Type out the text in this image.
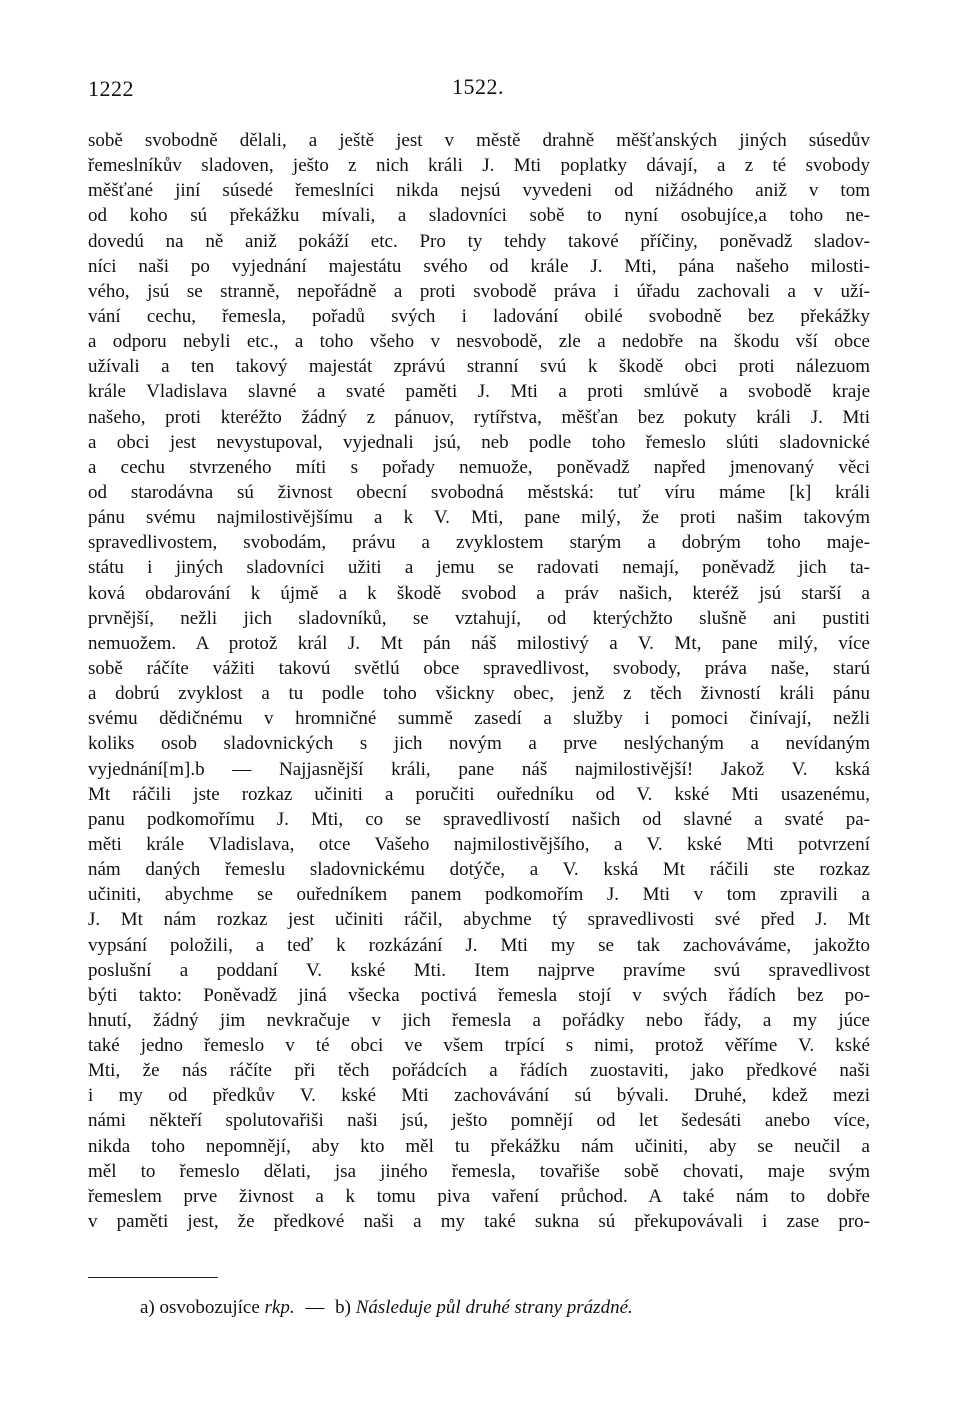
1222	1522.
sobě svobodně dělali, a ještě jest v městě drahně měšťanských jiných súsedův
řemeslníkův sladoven, ješto z nich králi J. Mti poplatky dávají, a z té svobody
měšťané jiní súsedé řemeslníci nikda nejsú vyvedeni od nižádného aniž v tom
od koho sú překážku mívali, a sladovníci sobě to nyní osobujíce,a toho ne-
dovedú na ně aniž pokáží etc. Pro ty tehdy takové příčiny, poněvadž sladov-
níci naši po vyjednání majestátu svého od krále J. Mti, pána našeho milosti-
vého, jsú se stranně, nepořádně a proti svobodě práva i úřadu zachovali a v uží-
vání cechu, řemesla, pořadů svých i ladování obilé svobodně bez překážky
a odporu nebyli etc., a toho všeho v nesvobodě, zle a nedobře na škodu vší obce
užívali a ten takový majestát zprávú stranní svú k škodě obci proti nálezuom
krále Vladislava slavné a svaté paměti J. Mti a proti smlúvě a svobodě kraje
našeho, proti kteréžto žádný z pánuov, rytířstva, měšťan bez pokuty králi J. Mti
a obci jest nevystupoval, vyjednali jsú, neb podle toho řemeslo slúti sladovnické
a cechu stvrzeného míti s pořady nemuože, poněvadž napřed jmenovaný věci
od starodávna sú živnost obecní svobodná městská: tuť víru máme [k] králi
pánu svému najmilostivějšímu a k V. Mti, pane milý, že proti našim takovým
spravedlivostem, svobodám, právu a zvyklostem starým a dobrým toho maje-
státu i jiných sladovníci užiti a jemu se radovati nemají, poněvadž jich ta-
ková obdarování k újmě a k škodě svobod a práv našich, kteréž jsú starší a
prvnější, nežli jich sladovníků, se vztahují, od kterýchžto slušně ani pustiti
nemuožem. A protož král J. Mt pán náš milostivý a V. Mt, pane milý, více
sobě ráčíte vážiti takovú světlú obce spravedlivost, svobody, práva naše, starú
a dobrú zvyklost a tu podle toho všickny obec, jenž z těch živností králi pánu
svému dědičnému v hromničné summě zasedí a služby i pomoci činívají, nežli
koliks osob sladovnických s jich novým a prve neslýchaným a nevídaným
vyjednání[m].b — Najjasnější králi, pane náš najmilostivější! Jakož V. kská
Mt ráčili jste rozkaz učiniti a poručiti ouředníku od V. kské Mti usazenému,
panu podkomořímu J. Mti, co se spravedlivostí našich od slavné a svaté pa-
měti krále Vladislava, otce Vašeho najmilostivějšího, a V. kské Mti potvrzení
nám daných řemeslu sladovnickému dotýče, a V. kská Mt ráčili ste rozkaz
učiniti, abychme se ouředníkem panem podkomořím J. Mti v tom zpravili a
J. Mt nám rozkaz jest učiniti ráčil, abychme tý spravedlivosti své před J. Mt
vypsání položili, a teď k rozkázání J. Mti my se tak zachováváme, jakožto
poslušní a poddaní V. kské Mti. Item najprve pravíme svú spravedlivost
býti takto: Poněvadž jiná všecka poctivá řemesla stojí v svých řádích bez po-
hnutí, žádný jim nevkračuje v jich řemesla a pořádky nebo řády, a my júce
také jedno řemeslo v té obci ve všem trpící s nimi, protož věříme V. kské
Mti, že nás ráčíte při těch pořádcích a řádích zuostaviti, jako předkové naši
i my od předkův V. kské Mti zachovávání sú bývali. Druhé, kdež mezi
námi někteří spolutovařiši naši jsú, ješto pomnějí od let šedesáti anebo více,
nikda toho nepomnějí, aby kto měl tu překážku nám učiniti, aby se neučil a
měl to řemeslo dělati, jsa jiného řemesla, tovařiše sobě chovati, maje svým
řemeslem prve živnost a k tomu piva vaření průchod. A také nám to dobře
v paměti jest, že předkové naši a my také sukna sú překupovávali i zase pro-
a) osvobozujíce rkp. — b) Následuje půl druhé strany prázdné.
